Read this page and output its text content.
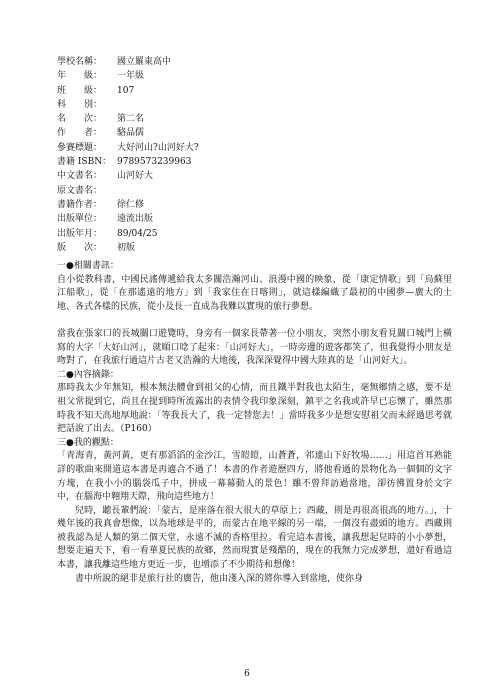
學校名稱：	國立羅東高中
年　　級：	一年級
班　　級：	107
科　　別：
名　　次：	第二名
作　　者：	駱品儒
參賽標題：	大好河山?山河好大?
書籍 ISBN： 9789573239963
中文書名：	山河好大
原文書名：
書籍作者：	徐仁修
出版單位：	遠流出版
出版年月：	89/04/25
版　　次：	初版

一●相關書訊：

自小從教科書，中國民謠傳遞給我太多關浩瀚河山、浪漫中國的映象，從「康定情歌」到「烏蘇里江船歌」，從「在那遙遠的地方」到「我家住在日喀則」，就這樣編織了最初的中國夢—廣大的土地、各式各樣的民族，從小及長一直成為我難以實現的旅行夢想。

當我在張家口的長城關口遊覽時，身旁有一個家長帶著一位小朋友，突然小朋友看見關口城門上橫寫的大字「大好山河」，就順口唸了起來：「山河好大」，一時旁邊的遊客都笑了，但我覺得小朋友是吻對了，在我旅行過這片古老又浩瀚的大地後，我深深覺得中國大陸真的是「山河好大」。

二●內容摘錄：

那時我太少年無知，根本無法體會到祖父的心情，而且鐵半對我也太陌生，毫無鄉情之感，要不是祖父常提到它，尚且在提到時所流露出的表情令我印象深刻，鎮平之名我或許早已忘懷了，雖然那時我不知天高地厚地說：「等我長大了，我一定替您去！」當時我多少是想安慰祖父而未經過思考就把話說了出去。（P160）

三●我的觀點：

「青海青，黃河黃，更有那滔滔的金沙江，雪皚皚，山蒼蒼，祁連山下好牧場……」用這首耳熟能詳的歌曲來開道這本書是再適合不過了！本書的作者遊歷四方，將他看過的景物化為一個個的文字方塊，在我小小的腦袋瓜子中，拼成一幕幕動人的景色！雖不曾拜訪過當地，卻彷彿置身於文字中，在腦海中翱翔天際，飛向這些地方！

兒時，聽長輩們說：「蒙古，是座落在很大很大的草原上；西藏，則是再很高很高的地方。」，十幾年後的我真會想像，以為地球是平的，而蒙古在地平線的另一端，一個沒有盡頭的地方。西藏則被我認為是人類的第二個天堂，永遠不滅的香格里拉。看完這本書後，讓我想起兒時的小小夢想，想要走遍天下，看一看華夏民族的故鄉，然而現實是殘酷的，現在的我無力完成夢想，還好看過這本書，讓我離這些地方更近一步，也增添了不少期待和想像！

書中所說的絕非是旅行社的廣告，他由淺入深的將你導入到當地，使你身

6
